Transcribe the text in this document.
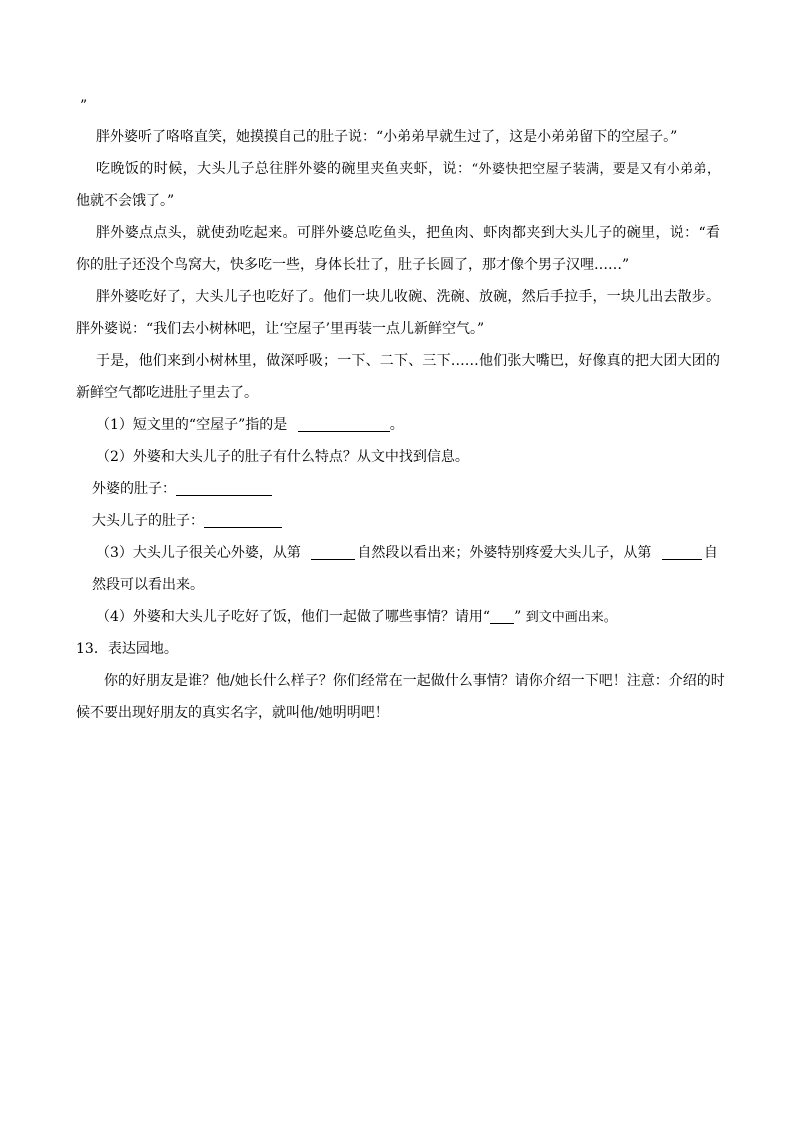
”
胖外婆听了咯咯直笑，她摸摸自己的肚子说：“小弟弟早就生过了，这是小弟弟留下的空屋子。”
吃晚饭的时候，大头儿子总往胖外婆的碗里夹鱼夹虾，说：“外婆快把空屋子装满，要是又有小弟弟，
他就不会饿了。”
胖外婆点点头，就使劲吃起来。可胖外婆总吃鱼头，把鱼肉、虾肉都夹到大头儿子的碗里，说：“看
你的肚子还没个鸟窝大，快多吃一些，身体长壮了，肚子长圆了，那才像个男子汉哩……”
胖外婆吃好了，大头儿子也吃好了。他们一块儿收碗、洗碗、放碗，然后手拉手，一块儿出去散步。
胖外婆说：“我们去小树林吧，让‘空屋子’里再装一点儿新鲜空气。”
于是，他们来到小树林里，做深呼吸；一下、二下、三下……他们张大嘴巴，好像真的把大团大团的
新鲜空气都吃进肚子里去了。
（1）短文里的“空屋子”指的是	。
（2）外婆和大头儿子的肚子有什么特点？从文中找到信息。
外婆的肚子：
大头儿子的肚子：
（3）大头儿子很关心外婆，从第	自然段以看出来；外婆特别疼爱大头儿子，从第	自
然段可以看出来。
（4）外婆和大头儿子吃好了饭，他们一起做了哪些事情？请用“ ” 到文中画出来。
13．表达园地。
你的好朋友是谁？他/她长什么样子？你们经常在一起做什么事情？请你介绍一下吧！注意：介绍的时
候不要出现好朋友的真实名字，就叫他/她明明吧！
